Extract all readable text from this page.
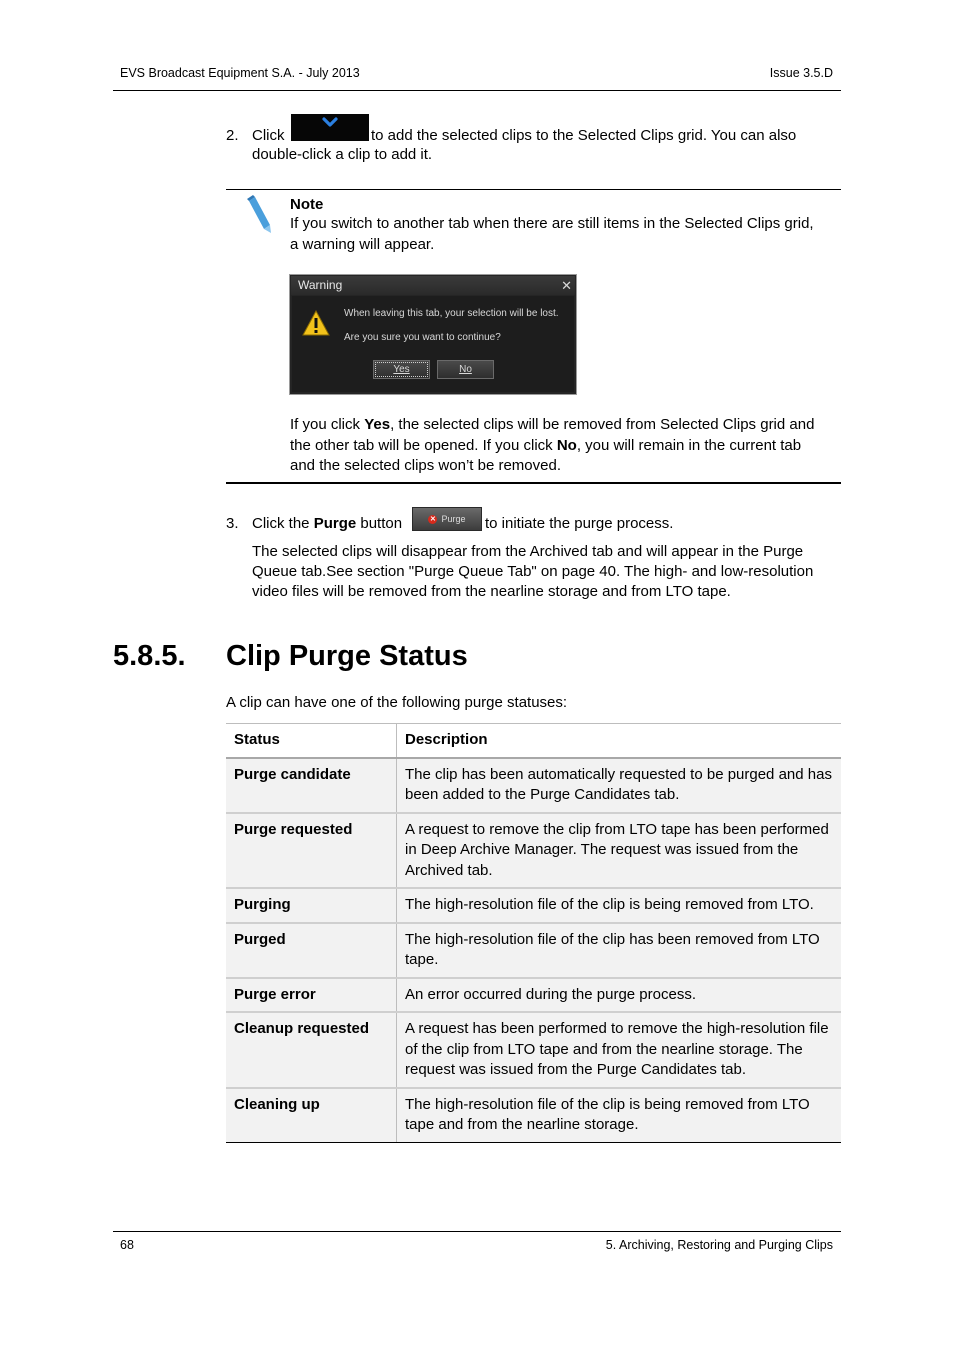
EVS Broadcast Equipment S.A. - July 2013	Issue 3.5.D
2. Click	to add the selected clips to the Selected Clips grid. You can also
double-click a clip to add it.
Note
If you switch to another tab when there are still items in the Selected Clips grid,
a warning will appear.
Warning	✕
When leaving this tab, your selection will be lost.
Are you sure you want to continue?
Yes	No
If you click Yes, the selected clips will be removed from Selected Clips grid and
the other tab will be opened. If you click No, you will remain in the current tab
and the selected clips won’t be removed.
3. Click the Purge button	✕ Purge to initiate the purge process.
The selected clips will disappear from the Archived tab and will appear in the Purge
Queue tab.See section "Purge Queue Tab" on page 40. The high- and low-resolution
video files will be removed from the nearline storage and from LTO tape.
5.8.5. Clip Purge Status
A clip can have one of the following purge statuses:
Status	Description
Purge candidate	The clip has been automatically requested to be purged and has been added to the Purge Candidates tab.
Purge requested	A request to remove the clip from LTO tape has been performed in Deep Archive Manager. The request was issued from the Archived tab.
Purging	The high-resolution file of the clip is being removed from LTO.
Purged	The high-resolution file of the clip has been removed from LTO tape.
Purge error	An error occurred during the purge process.
Cleanup requested	A request has been performed to remove the high-resolution file of the clip from LTO tape and from the nearline storage. The request was issued from the Purge Candidates tab.
Cleaning up	The high-resolution file of the clip is being removed from LTO tape and from the nearline storage.
68	5. Archiving, Restoring and Purging Clips
